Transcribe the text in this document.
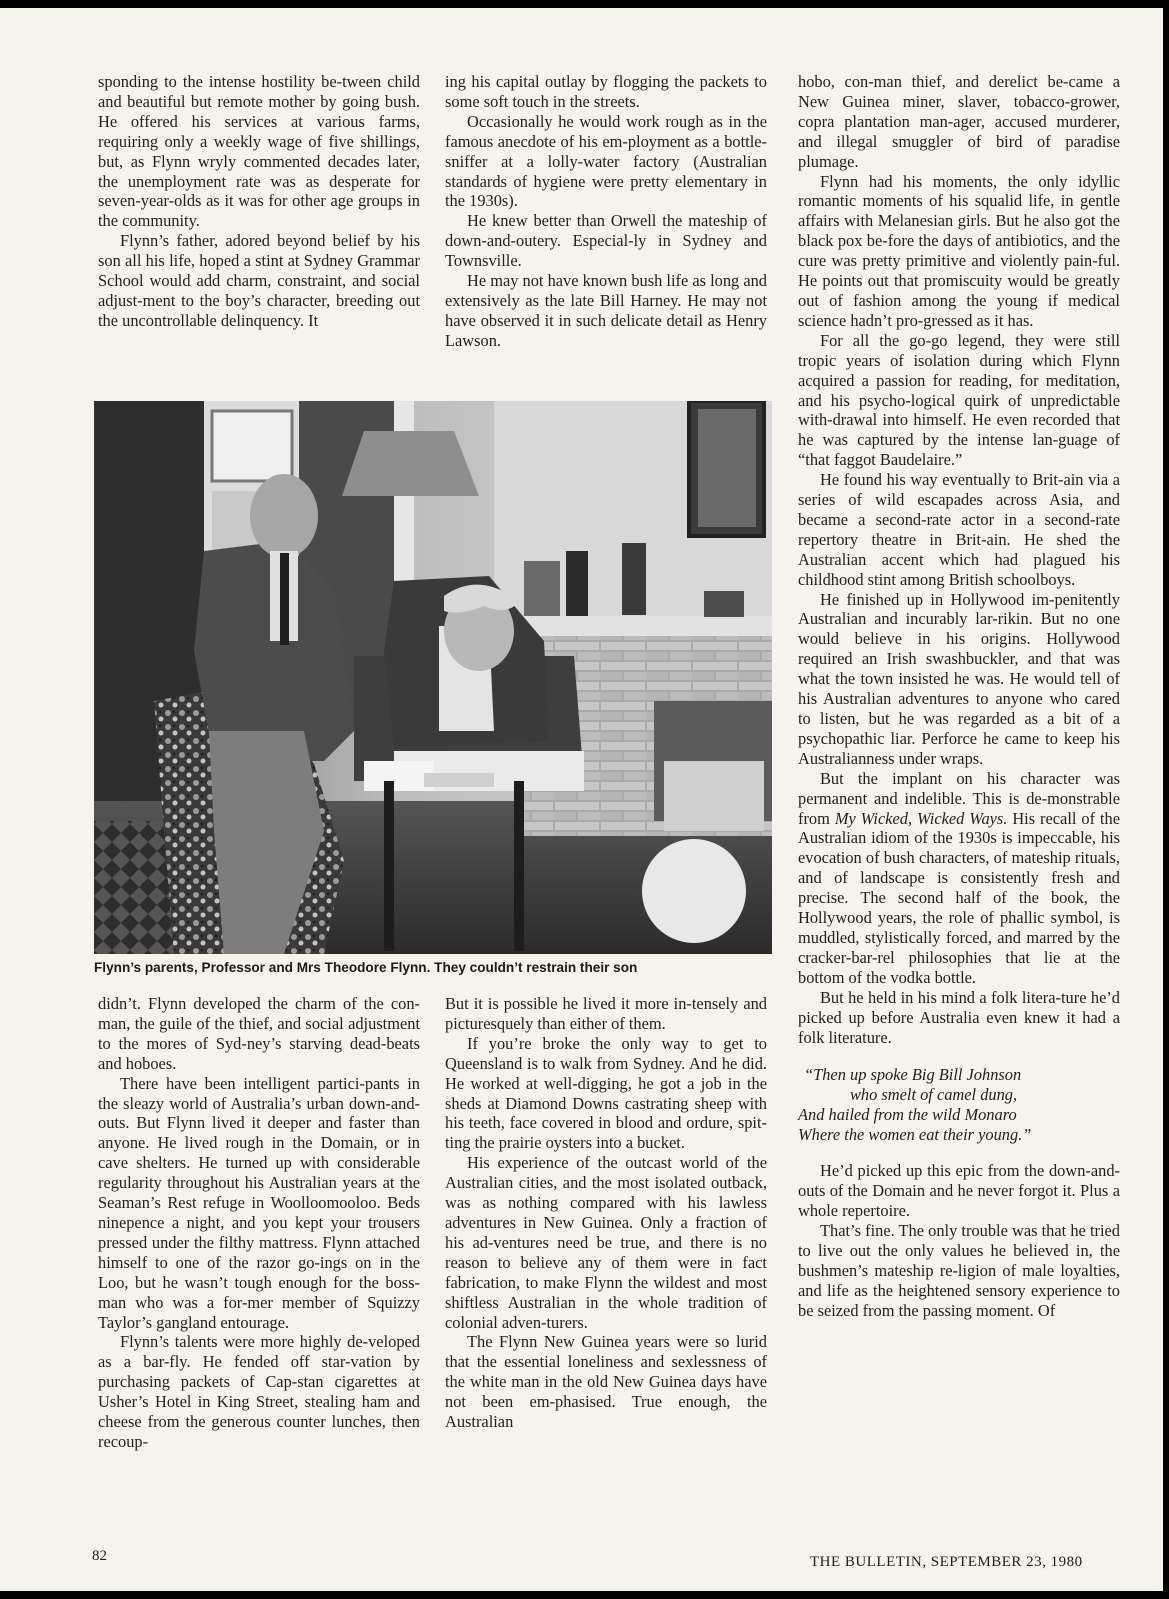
sponding to the intense hostility be-tween child and beautiful but remote mother by going bush. He offered his services at various farms, requiring only a weekly wage of five shillings, but, as Flynn wryly commented decades later, the unemployment rate was as desperate for seven-year-olds as it was for other age groups in the community.

Flynn’s father, adored beyond belief by his son all his life, hoped a stint at Sydney Grammar School would add charm, constraint, and social adjust-ment to the boy’s character, breeding out the uncontrollable delinquency. It

ing his capital outlay by flogging the packets to some soft touch in the streets.

Occasionally he would work rough as in the famous anecdote of his em-ployment as a bottle-sniffer at a lolly-water factory (Australian standards of hygiene were pretty elementary in the 1930s).

He knew better than Orwell the mateship of down-and-outery. Especial-ly in Sydney and Townsville.

He may not have known bush life as long and extensively as the late Bill Harney. He may not have observed it in such delicate detail as Henry Lawson.

Flynn’s parents, Professor and Mrs Theodore Flynn. They couldn’t restrain their son

didn’t. Flynn developed the charm of the con-man, the guile of the thief, and social adjustment to the mores of Syd-ney’s starving dead-beats and hoboes.

There have been intelligent partici-pants in the sleazy world of Australia’s urban down-and-outs. But Flynn lived it deeper and faster than anyone. He lived rough in the Domain, or in cave shelters. He turned up with considerable regularity throughout his Australian years at the Seaman’s Rest refuge in Woolloomooloo. Beds ninepence a night, and you kept your trousers pressed under the filthy mattress. Flynn attached himself to one of the razor go-ings on in the Loo, but he wasn’t tough enough for the boss-man who was a for-mer member of Squizzy Taylor’s gangland entourage.

Flynn’s talents were more highly de-veloped as a bar-fly. He fended off star-vation by purchasing packets of Cap-stan cigarettes at Usher’s Hotel in King Street, stealing ham and cheese from the generous counter lunches, then recoup-

But it is possible he lived it more in-tensely and picturesquely than either of them.

If you’re broke the only way to get to Queensland is to walk from Sydney. And he did. He worked at well-digging, he got a job in the sheds at Diamond Downs castrating sheep with his teeth, face covered in blood and ordure, spit-ting the prairie oysters into a bucket.

His experience of the outcast world of the Australian cities, and the most isolated outback, was as nothing compared with his lawless adventures in New Guinea. Only a fraction of his ad-ventures need be true, and there is no reason to believe any of them were in fact fabrication, to make Flynn the wildest and most shiftless Australian in the whole tradition of colonial adven-turers.

The Flynn New Guinea years were so lurid that the essential loneliness and sexlessness of the white man in the old New Guinea days have not been em-phasised. True enough, the Australian

hobo, con-man thief, and derelict be-came a New Guinea miner, slaver, tobacco-grower, copra plantation man-ager, accused murderer, and illegal smuggler of bird of paradise plumage.

Flynn had his moments, the only idyllic romantic moments of his squalid life, in gentle affairs with Melanesian girls. But he also got the black pox be-fore the days of antibiotics, and the cure was pretty primitive and violently pain-ful. He points out that promiscuity would be greatly out of fashion among the young if medical science hadn’t pro-gressed as it has.

For all the go-go legend, they were still tropic years of isolation during which Flynn acquired a passion for reading, for meditation, and his psycho-logical quirk of unpredictable with-drawal into himself. He even recorded that he was captured by the intense lan-guage of “that faggot Baudelaire.”

He found his way eventually to Brit-ain via a series of wild escapades across Asia, and became a second-rate actor in a second-rate repertory theatre in Brit-ain. He shed the Australian accent which had plagued his childhood stint among British schoolboys.

He finished up in Hollywood im-penitently Australian and incurably lar-rikin. But no one would believe in his origins. Hollywood required an Irish swashbuckler, and that was what the town insisted he was. He would tell of his Australian adventures to anyone who cared to listen, but he was regarded as a bit of a psychopathic liar. Perforce he came to keep his Australianness under wraps.

But the implant on his character was permanent and indelible. This is de-monstrable from My Wicked, Wicked Ways. His recall of the Australian idiom of the 1930s is impeccable, his evocation of bush characters, of mateship rituals, and of landscape is consistently fresh and precise. The second half of the book, the Hollywood years, the role of phallic symbol, is muddled, stylistically forced, and marred by the cracker-bar-rel philosophies that lie at the bottom of the vodka bottle.

But he held in his mind a folk litera-ture he’d picked up before Australia even knew it had a folk literature.

“Then up spoke Big Bill Johnson
who smelt of camel dung,
And hailed from the wild Monaro
Where the women eat their young.”

He’d picked up this epic from the down-and-outs of the Domain and he never forgot it. Plus a whole repertoire.

That’s fine. The only trouble was that he tried to live out the only values he believed in, the bushmen’s mateship re-ligion of male loyalties, and life as the heightened sensory experience to be seized from the passing moment. Of

82	THE BULLETIN, SEPTEMBER 23, 1980
